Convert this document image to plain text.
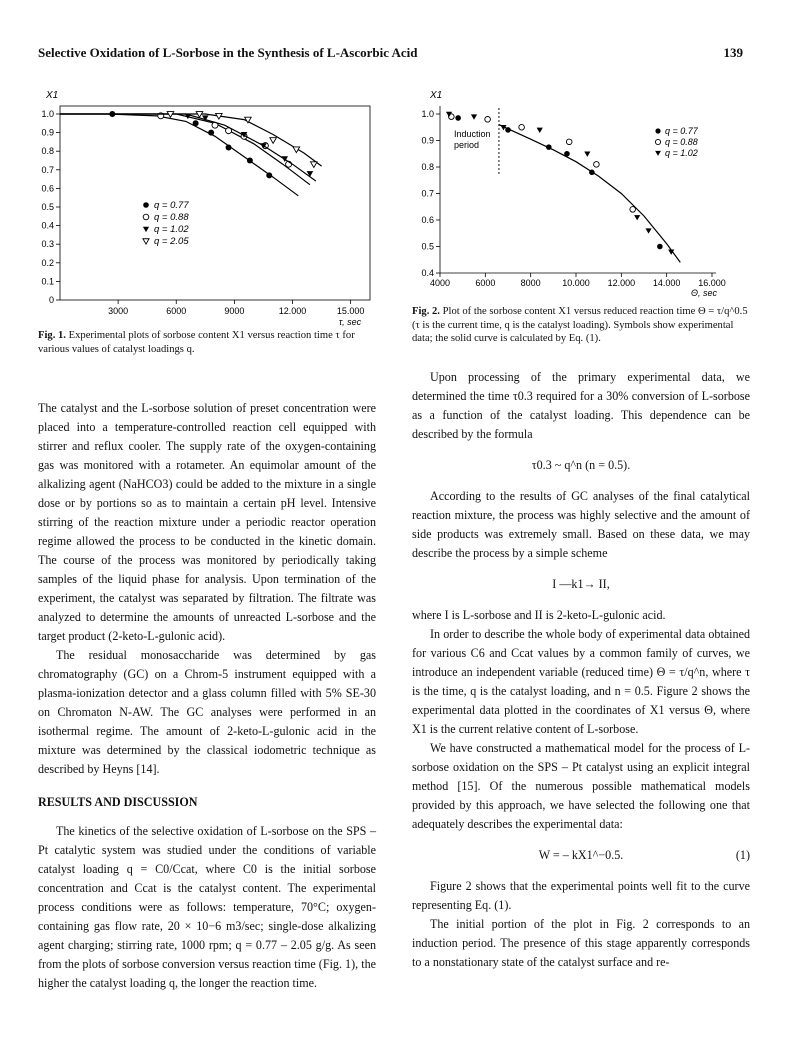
Selective Oxidation of L-Sorbose in the Synthesis of L-Ascorbic Acid	139
X1
0
0.1
0.2
0.3
0.4
0.5
0.6
0.7
0.8
0.9
1.0
3000	6000	9000	12.000	15.000
τ, sec
q = 0.77
q = 0.88
q = 1.02
q = 2.05
Fig. 1. Experimental plots of sorbose content X1 versus reaction time τ for various values of catalyst loadings q.
X1
0.4
0.5
0.6
0.7
0.8
0.9
1.0
4000	6000	8000 10.000 12.000 14.000 16.000
Θ, sec
Induction
period
q = 0.77
q = 0.88
q = 1.02
Fig. 2. Plot of the sorbose content X1 versus reduced reaction time Θ = τ/q^0.5 (τ is the current time, q is the catalyst loading). Symbols show experimental data; the solid curve is calculated by Eq. (1).

The catalyst and the L-sorbose solution of preset concentration were placed into a temperature-controlled reaction cell equipped with stirrer and reflux cooler. The supply rate of the oxygen-containing gas was monitored with a rotameter. An equimolar amount of the alkalizing agent (NaHCO3) could be added to the mixture in a single dose or by portions so as to maintain a certain pH level. Intensive stirring of the reaction mixture under a periodic reactor operation regime allowed the process to be conducted in the kinetic domain. The course of the process was monitored by periodically taking samples of the liquid phase for analysis. Upon termination of the experiment, the catalyst was separated by filtration. The filtrate was analyzed to determine the amounts of unreacted L-sorbose and the target product (2-keto-L-gulonic acid).

The residual monosaccharide was determined by gas chromatography (GC) on a Chrom-5 instrument equipped with a plasma-ionization detector and a glass column filled with 5% SE-30 on Chromaton N-AW. The GC analyses were performed in an isothermal regime. The amount of 2-keto-L-gulonic acid in the mixture was determined by the classical iodometric technique as described by Heyns [14].

RESULTS AND DISCUSSION

The kinetics of the selective oxidation of L-sorbose on the SPS – Pt catalytic system was studied under the conditions of variable catalyst loading q = C0/Ccat, where C0 is the initial sorbose concentration and Ccat is the catalyst content. The experimental process conditions were as follows: temperature, 70°C; oxygen-containing gas flow rate, 20 × 10−6 m3/sec; single-dose alkalizing agent charging; stirring rate, 1000 rpm; q = 0.77 – 2.05 g/g. As seen from the plots of sorbose conversion versus reaction time (Fig. 1), the higher the catalyst loading q, the longer the reaction time.

Upon processing of the primary experimental data, we determined the time τ0.3 required for a 30% conversion of L-sorbose as a function of the catalyst loading. This dependence can be described by the formula

τ0.3 ~ q^n (n = 0.5).

According to the results of GC analyses of the final catalytical reaction mixture, the process was highly selective and the amount of side products was extremely small. Based on these data, we may describe the process by a simple scheme

I —k1→ II,

where I is L-sorbose and II is 2-keto-L-gulonic acid.

In order to describe the whole body of experimental data obtained for various C6 and Ccat values by a common family of curves, we introduce an independent variable (reduced time) Θ = τ/q^n, where τ is the time, q is the catalyst loading, and n = 0.5. Figure 2 shows the experimental data plotted in the coordinates of X1 versus Θ, where X1 is the current relative content of L-sorbose.

We have constructed a mathematical model for the process of L- sorbose oxidation on the SPS – Pt catalyst using an explicit integral method [15]. Of the numerous possible mathematical models provided by this approach, we have selected the following one that adequately describes the experimental data:

W = – kX1^−0.5.	(1)

Figure 2 shows that the experimental points well fit to the curve representing Eq. (1).

The initial portion of the plot in Fig. 2 corresponds to an induction period. The presence of this stage apparently corresponds to a nonstationary state of the catalyst surface and re-
